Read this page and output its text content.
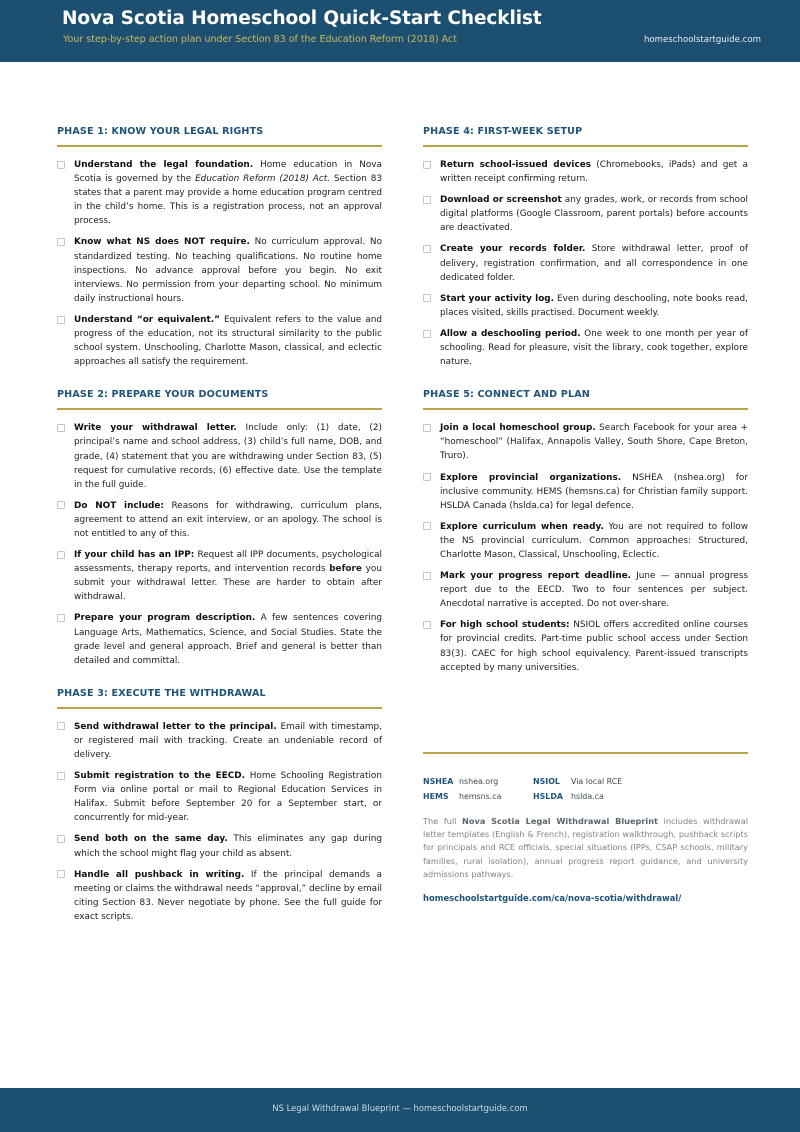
Nova Scotia Homeschool Quick-Start Checklist
Your step-by-step action plan under Section 83 of the Education Reform (2018) Act	homeschoolstartguide.com
PHASE 1: KNOW YOUR LEGAL RIGHTS
Understand the legal foundation. Home education in Nova Scotia is governed by the Education Reform (2018) Act. Section 83 states that a parent may provide a home education program centred in the child’s home. This is a registration process, not an approval process.
Know what NS does NOT require. No curriculum approval. No standardized testing. No teaching qualifications. No routine home inspections. No advance approval before you begin. No exit interviews. No permission from your departing school. No minimum daily instructional hours.
Understand “or equivalent.” Equivalent refers to the value and progress of the education, not its structural similarity to the public school system. Unschooling, Charlotte Mason, classical, and eclectic approaches all satisfy the requirement.
PHASE 2: PREPARE YOUR DOCUMENTS
Write your withdrawal letter. Include only: (1) date, (2) principal’s name and school address, (3) child’s full name, DOB, and grade, (4) statement that you are withdrawing under Section 83, (5) request for cumulative records, (6) effective date. Use the template in the full guide.
Do NOT include: Reasons for withdrawing, curriculum plans, agreement to attend an exit interview, or an apology. The school is not entitled to any of this.
If your child has an IPP: Request all IPP documents, psychological assessments, therapy reports, and intervention records before you submit your withdrawal letter. These are harder to obtain after withdrawal.
Prepare your program description. A few sentences covering Language Arts, Mathematics, Science, and Social Studies. State the grade level and general approach. Brief and general is better than detailed and committal.
PHASE 3: EXECUTE THE WITHDRAWAL
Send withdrawal letter to the principal. Email with timestamp, or registered mail with tracking. Create an undeniable record of delivery.
Submit registration to the EECD. Home Schooling Registration Form via online portal or mail to Regional Education Services in Halifax. Submit before September 20 for a September start, or concurrently for mid-year.
Send both on the same day. This eliminates any gap during which the school might flag your child as absent.
Handle all pushback in writing. If the principal demands a meeting or claims the withdrawal needs “approval,” decline by email citing Section 83. Never negotiate by phone. See the full guide for exact scripts.
PHASE 4: FIRST-WEEK SETUP
Return school-issued devices (Chromebooks, iPads) and get a written receipt confirming return.
Download or screenshot any grades, work, or records from school digital platforms (Google Classroom, parent portals) before accounts are deactivated.
Create your records folder. Store withdrawal letter, proof of delivery, registration confirmation, and all correspondence in one dedicated folder.
Start your activity log. Even during deschooling, note books read, places visited, skills practised. Document weekly.
Allow a deschooling period. One week to one month per year of schooling. Read for pleasure, visit the library, cook together, explore nature.
PHASE 5: CONNECT AND PLAN
Join a local homeschool group. Search Facebook for your area + “homeschool” (Halifax, Annapolis Valley, South Shore, Cape Breton, Truro).
Explore provincial organizations. NSHEA (nshea.org) for inclusive community. HEMS (hemsns.ca) for Christian family support. HSLDA Canada (hslda.ca) for legal defence.
Explore curriculum when ready. You are not required to follow the NS provincial curriculum. Common approaches: Structured, Charlotte Mason, Classical, Unschooling, Eclectic.
Mark your progress report deadline. June — annual progress report due to the EECD. Two to four sentences per subject. Anecdotal narrative is accepted. Do not over-share.
For high school students: NSIOL offers accredited online courses for provincial credits. Part-time public school access under Section 83(3). CAEC for high school equivalency. Parent-issued transcripts accepted by many universities.
NSHEA nshea.org	NSIOL	Via local RCE
HEMS	hemsns.ca	HSLDA	hslda.ca
The full Nova Scotia Legal Withdrawal Blueprint includes withdrawal letter templates (English & French), registration walkthrough, pushback scripts for principals and RCE officials, special situations (IPPs, CSAP schools, military families, rural isolation), annual progress report guidance, and university admissions pathways.
homeschoolstartguide.com/ca/nova-scotia/withdrawal/
NS Legal Withdrawal Blueprint — homeschoolstartguide.com
